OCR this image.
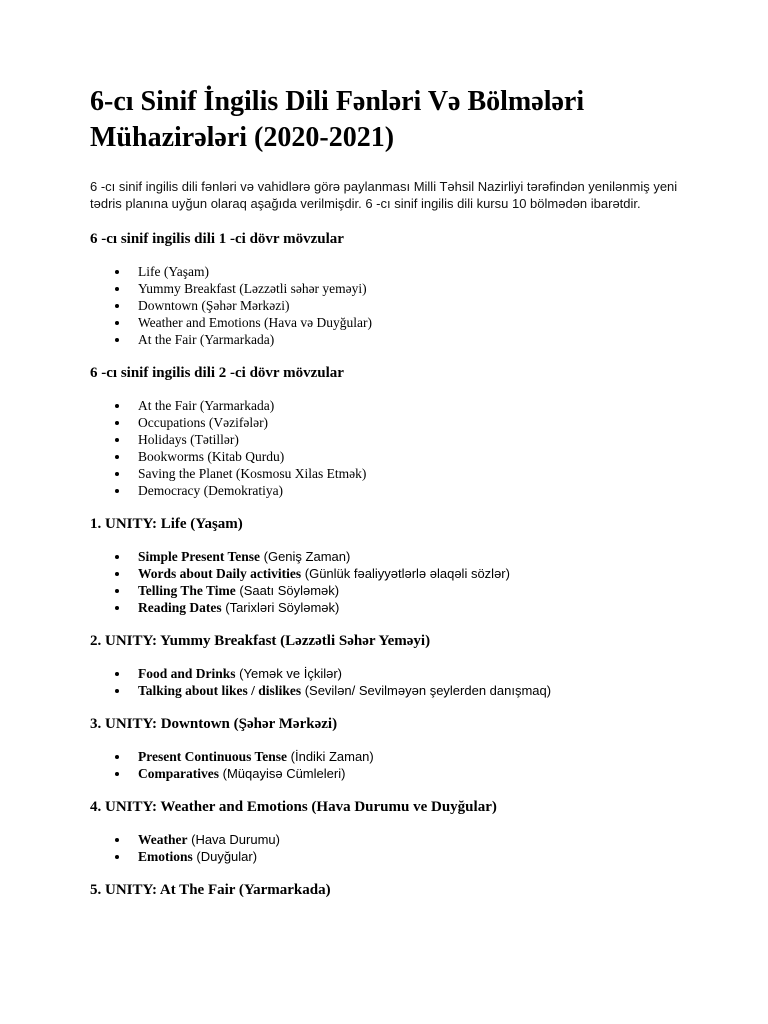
6-cı Sinif İngilis Dili Fənləri Və Bölmələri Mühazirələri (2020-2021)

6 -cı sinif ingilis dili fənləri və vahidlərə görə paylanması Milli Təhsil Nazirliyi tərəfindən yenilənmiş yeni tədris planına uyğun olaraq aşağıda verilmişdir. 6 -cı sinif ingilis dili kursu 10 bölmədən ibarətdir.

6 -cı sinif ingilis dili 1 -ci dövr mövzular
Life (Yaşam)
Yummy Breakfast (Ləzzətli səhər yeməyi)
Downtown (Şəhər Mərkəzi)
Weather and Emotions (Hava və Duyğular)
At the Fair (Yarmarkada)
6 -cı sinif ingilis dili 2 -ci dövr mövzular
At the Fair (Yarmarkada)
Occupations (Vəzifələr)
Holidays (Tətillər)
Bookworms (Kitab Qurdu)
Saving the Planet (Kosmosu Xilas Etmək)
Democracy (Demokratiya)
1. UNITY: Life (Yaşam)
Simple Present Tense (Geniş Zaman)
Words about Daily activities (Günlük fəaliyyətlərlə əlaqəli sözlər)
Telling The Time (Saatı Söyləmək)
Reading Dates (Tarixləri Söyləmək)
2. UNITY: Yummy Breakfast (Ləzzətli Səhər Yeməyi)
Food and Drinks (Yemək ve İçkilər)
Talking about likes / dislikes (Sevilən/ Sevilməyən şeylerden danışmaq)
3. UNITY: Downtown (Şəhər Mərkəzi)
Present Continuous Tense (İndiki Zaman)
Comparatives (Müqayisə Cümleleri)
4. UNITY: Weather and Emotions (Hava Durumu ve Duyğular)
Weather (Hava Durumu)
Emotions (Duyğular)
5. UNITY: At The Fair (Yarmarkada)
